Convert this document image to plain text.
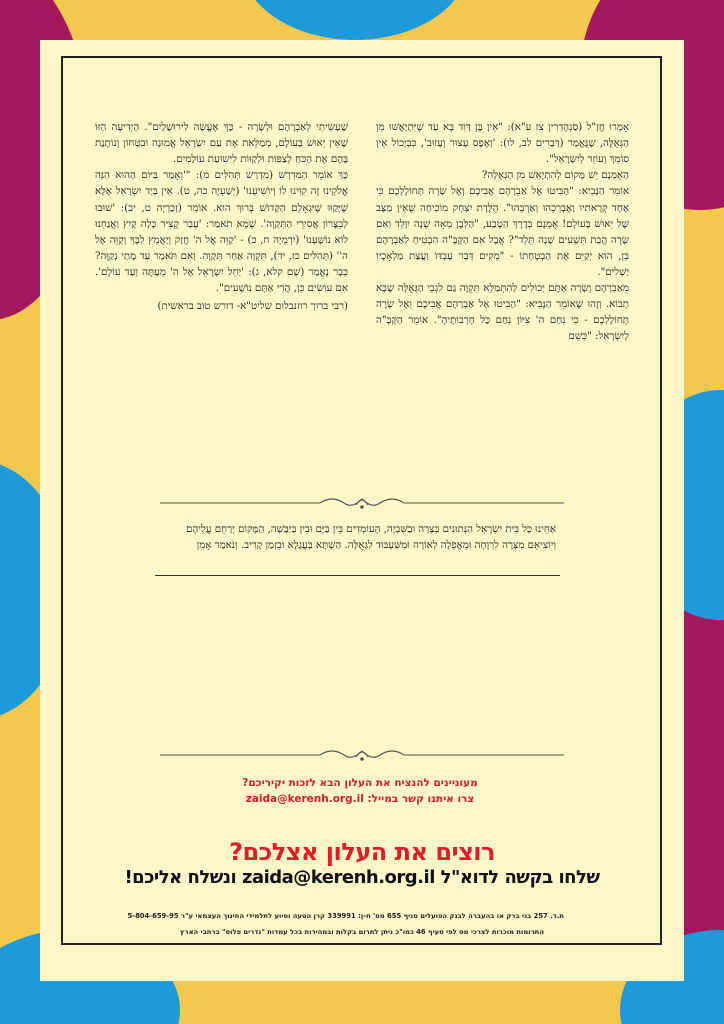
אָמְרוּ חֲזַ"ל (סַנְהֶדְרִין צז ע"א): "אֵין בֶּן דָּוִד בָּא עַד שֶׁיִּתְיָאֲשׁוּ מִן הַגְּאֻלָּה, שֶׁנֶּאֱמַר (דְּבָרִים לב, לו): 'וְאֶפֶס עָצוּר וְעָזוּב', כִּבְיָכוֹל אֵין סוֹמֵךְ וְעוֹזֵר לְיִשְׂרָאֵל".

הַאֻמְנָם יֵשׁ מָקוֹם לְהִתְיָאֵשׁ מִן הַגְּאֻלָּה?

אוֹמֵר הַנָּבִיא: "הַבִּיטוּ אֶל אַבְרָהָם אֲבִיכֶם וְאֶל שָׂרָה תְּחוֹלֶלְכֶם כִּי אֶחָד קְרָאתִיו וַאֲבָרְכֵהוּ וְאַרְבֵּהוּ". הֻלֶּדֶת יִצְחָק מוֹכִיחָה שֶׁאֵין מַצָּב שֶׁל יֵאוּשׁ בָּעוֹלָם! אֻמְנָם בְּדֶרֶךְ הַטֶּבַע, "הַלְּבֶן מֵאָה שָׁנָה יִוָּלֵד וְאִם שָׂרָה הֲבַת תִּשְׁעִים שָׁנָה תֵּלֵד"? אֲבָל אִם הַקָּבָּ"ה הִבְטִיחַ לְאַבְרָהָם בֵּן, הוּא יְקַיֵּם אֶת הַבְטָחָתוֹ - "מֵקִים דְּבַר עַבְדּוֹ וַעֲצַת מַלְאָכָיו יַשְׁלִים".

מֵאַבְרָהָם וְשָׂרָה אַתֶּם יְכוֹלִים לְהִתְמַלֵּא תִּקְוָה גַּם לִגְבֵי הַגְּאֻלָּה שֶׁבָּא תָבוֹא. וְזֶהוּ שֶׁאוֹמֵר הַנָּבִיא: "הַבִּיטוּ אֶל אַבְרָהָם אֲבִיכֶם וְאֶל שָׂרָה תְּחוֹלֶלְכֶם - כִּי נִחַם ה' צִיּוֹן נִחַם כָּל חָרְבוֹתֶיהָ". אוֹמֵר הַקָּבָּ"ה לְיִשְׂרָאֵל: "כְּשֵׁם

שֶׁעָשִׂיתִי לְאַבְרָהָם וּלְשָׂרָה - כָּךְ אֶעֱשֶׂה לִירוּשָׁלַיִם". הַיְדִיעָה הַזּוֹ שֶׁאֵין יֵאוּשׁ בָּעוֹלָם, מְמַלֵּאת אֶת עַם יִשְׂרָאֵל אֱמוּנָה וּבִטָּחוֹן וְנוֹתֶנֶת בָּהֶם אֶת הַכֹּחַ לְצַפּוֹת וּלְקַוּוֹת לִישׁוּעַת עוֹלָמִים.

כָּךְ אוֹמֵר הַמִּדְרָשׁ (מִדְרַשׁ תְּהִלִּים מ): "'וְאָמַר בַּיּוֹם הַהוּא הִנֵּה אֱלֹקֵינוּ זֶה קִוִּינוּ לוֹ וְיוֹשִׁיעֵנוּ' (יְשַׁעְיָה כה, ט). אֵין בְּיַד יִשְׂרָאֵל אֶלָּא שֶׁיְּקַוּוּ שֶׁיִּגְאָלֵם הַקָּדוֹשׁ בָּרוּךְ הוּא. אוֹמֵר (זְכַרְיָה ט, יב): 'שׁוּבוּ לְבִצָּרוֹן אֲסִירֵי הַתִּקְוָה'. שֶׁמָּא תֹאמַר: 'עָבַר קָצִיר כָּלָה קָיִץ וַאֲנַחְנוּ לוֹא נוֹשָׁעְנוּ' (יִרְמְיָה ח, כ) - 'קַוֵּה אֶל ה' חֲזַק וְיַאֲמֵץ לִבֶּךָ וְקַוֵּה אֶל ה'' (תְּהִלִּים כז, יד), תִּקְוָה אַחַר תִּקְוָה. וְאִם תֹּאמַר עַד מָתַי נְקַוֶּה? כְּבָר נֶאֱמַר (שָׁם קלא, ג): 'יַחֵל יִשְׂרָאֵל אֶל ה' מֵעַתָּה וְעַד עוֹלָם'. אִם עוֹשִׂים כֵּן, הֲרֵי אַתֶּם נוֹשָׁעִים".

(רבי ברוך רוזנבלום שליט"א- דורש טוב בראשית)

אַחֵינוּ כָּל בֵּית יִשְׂרָאֵל הַנְּתוּנִים בְּצָרָה וּבַשִּׁבְיָה, הָעוֹמְדִים בֵּין בַּיָּם וּבֵין בַּיַּבָּשָׁה, הַמָּקוֹם יְרַחֵם עֲלֵיהֶם וְיוֹצִיאֵם מִצָּרָה לִרְוָחָה וּמֵאֲפֵלָה לְאוֹרָה וּמִשִּׁעְבּוּד לִגְאֻלָּה. הַשְׁתָּא בַּעֲגָלָא וּבִזְמַן קָרִיב. וְנֹאמַר אָמֵן
מעוניינים להנציח את העלון הבא לזכות יקיריכם?
צרו איתנו קשר במייל: zaida@kerenh.org.il
רוצים את העלון אצלכם?
שלחו בקשה לדוא"ל zaida@kerenh.org.il ונשלח אליכם!
ת.ד. 257 בני ברק או בהעברה לבנק הפועלים סניף 655 מס' ח-ן: 339991 קרן הטעה וסיוע לתלמידי החינוך העצמאי ע"ר 5-804-659-95
התרומות מוכרות לצרכי מס לפי סעיף 46 כמו"כ ניתן לתרום בקלות ובמהירות בכל עמדות "נדרים פלוס" ברחבי הארץ
